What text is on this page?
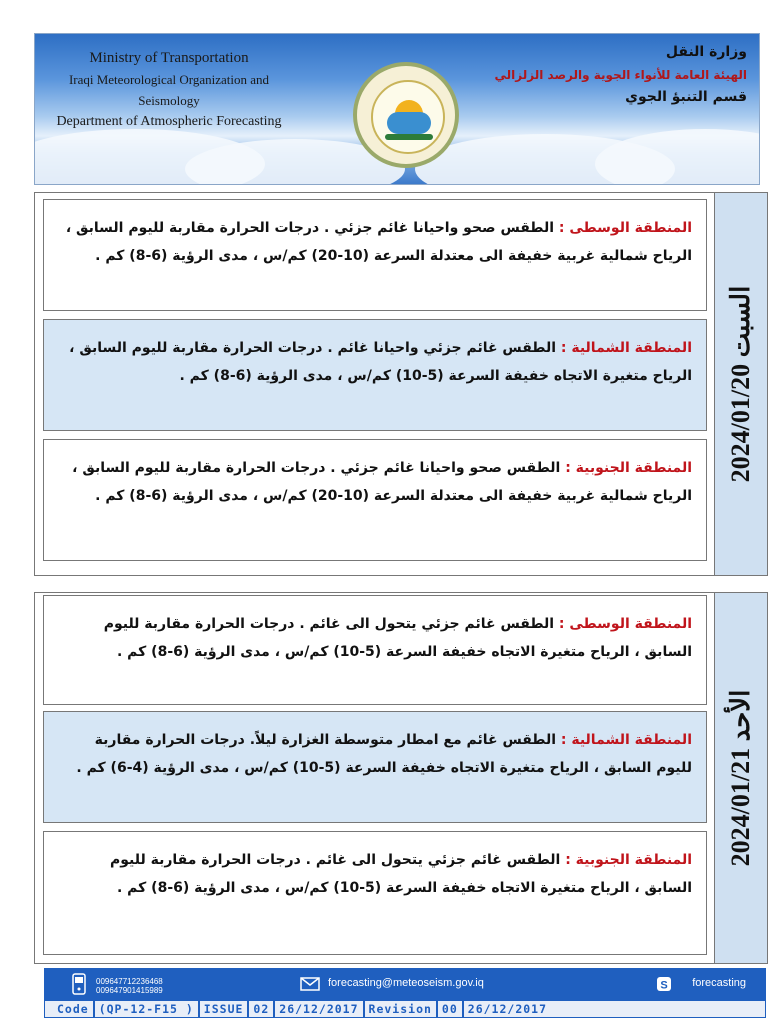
Ministry of Transportation
Iraqi Meteorological Organization and Seismology
Department of Atmospheric Forecasting
وزارة النقل
الهيئة العامة للأنواء الجوية والرصد الزلزالي
قسم التنبؤ الجوي
السبت 2024/01/20
المنطقة الوسطى : الطقس صحو واحيانا غائم جزئي . درجات الحرارة مقاربة لليوم السابق ، الرياح شمالية غربية خفيفة الى معتدلة السرعة (10-20) كم/س ، مدى الرؤية (6-8) كم .
المنطقة الشمالية : الطقس غائم جزئي واحيانا غائم . درجات الحرارة مقاربة لليوم السابق ، الرياح متغيرة الاتجاه خفيفة السرعة (5-10) كم/س ، مدى الرؤية (6-8) كم .
المنطقة الجنوبية : الطقس صحو واحيانا غائم جزئي . درجات الحرارة مقاربة لليوم السابق ، الرياح شمالية غربية خفيفة الى معتدلة السرعة (10-20) كم/س ، مدى الرؤية (6-8) كم .
الأحد 2024/01/21
المنطقة الوسطى : الطقس غائم جزئي يتحول الى غائم . درجات الحرارة مقاربة لليوم السابق ، الرياح متغيرة الاتجاه خفيفة السرعة (5-10) كم/س ، مدى الرؤية (6-8) كم .
المنطقة الشمالية : الطقس غائم مع امطار متوسطة الغزارة ليلاً. درجات الحرارة مقاربة لليوم السابق ، الرياح متغيرة الاتجاه خفيفة السرعة (5-10) كم/س ، مدى الرؤية (4-6) كم .
المنطقة الجنوبية : الطقس غائم جزئي يتحول الى غائم . درجات الحرارة مقاربة لليوم السابق ، الرياح متغيرة الاتجاه خفيفة السرعة (5-10) كم/س ، مدى الرؤية (6-8) كم .
009647712236468
009647901415989
forecasting@meteoseism.gov.iq	S forecasting
Code (QP-12-F15 ) ISSUE 02 26/12/2017 Revision 00 26/12/2017
